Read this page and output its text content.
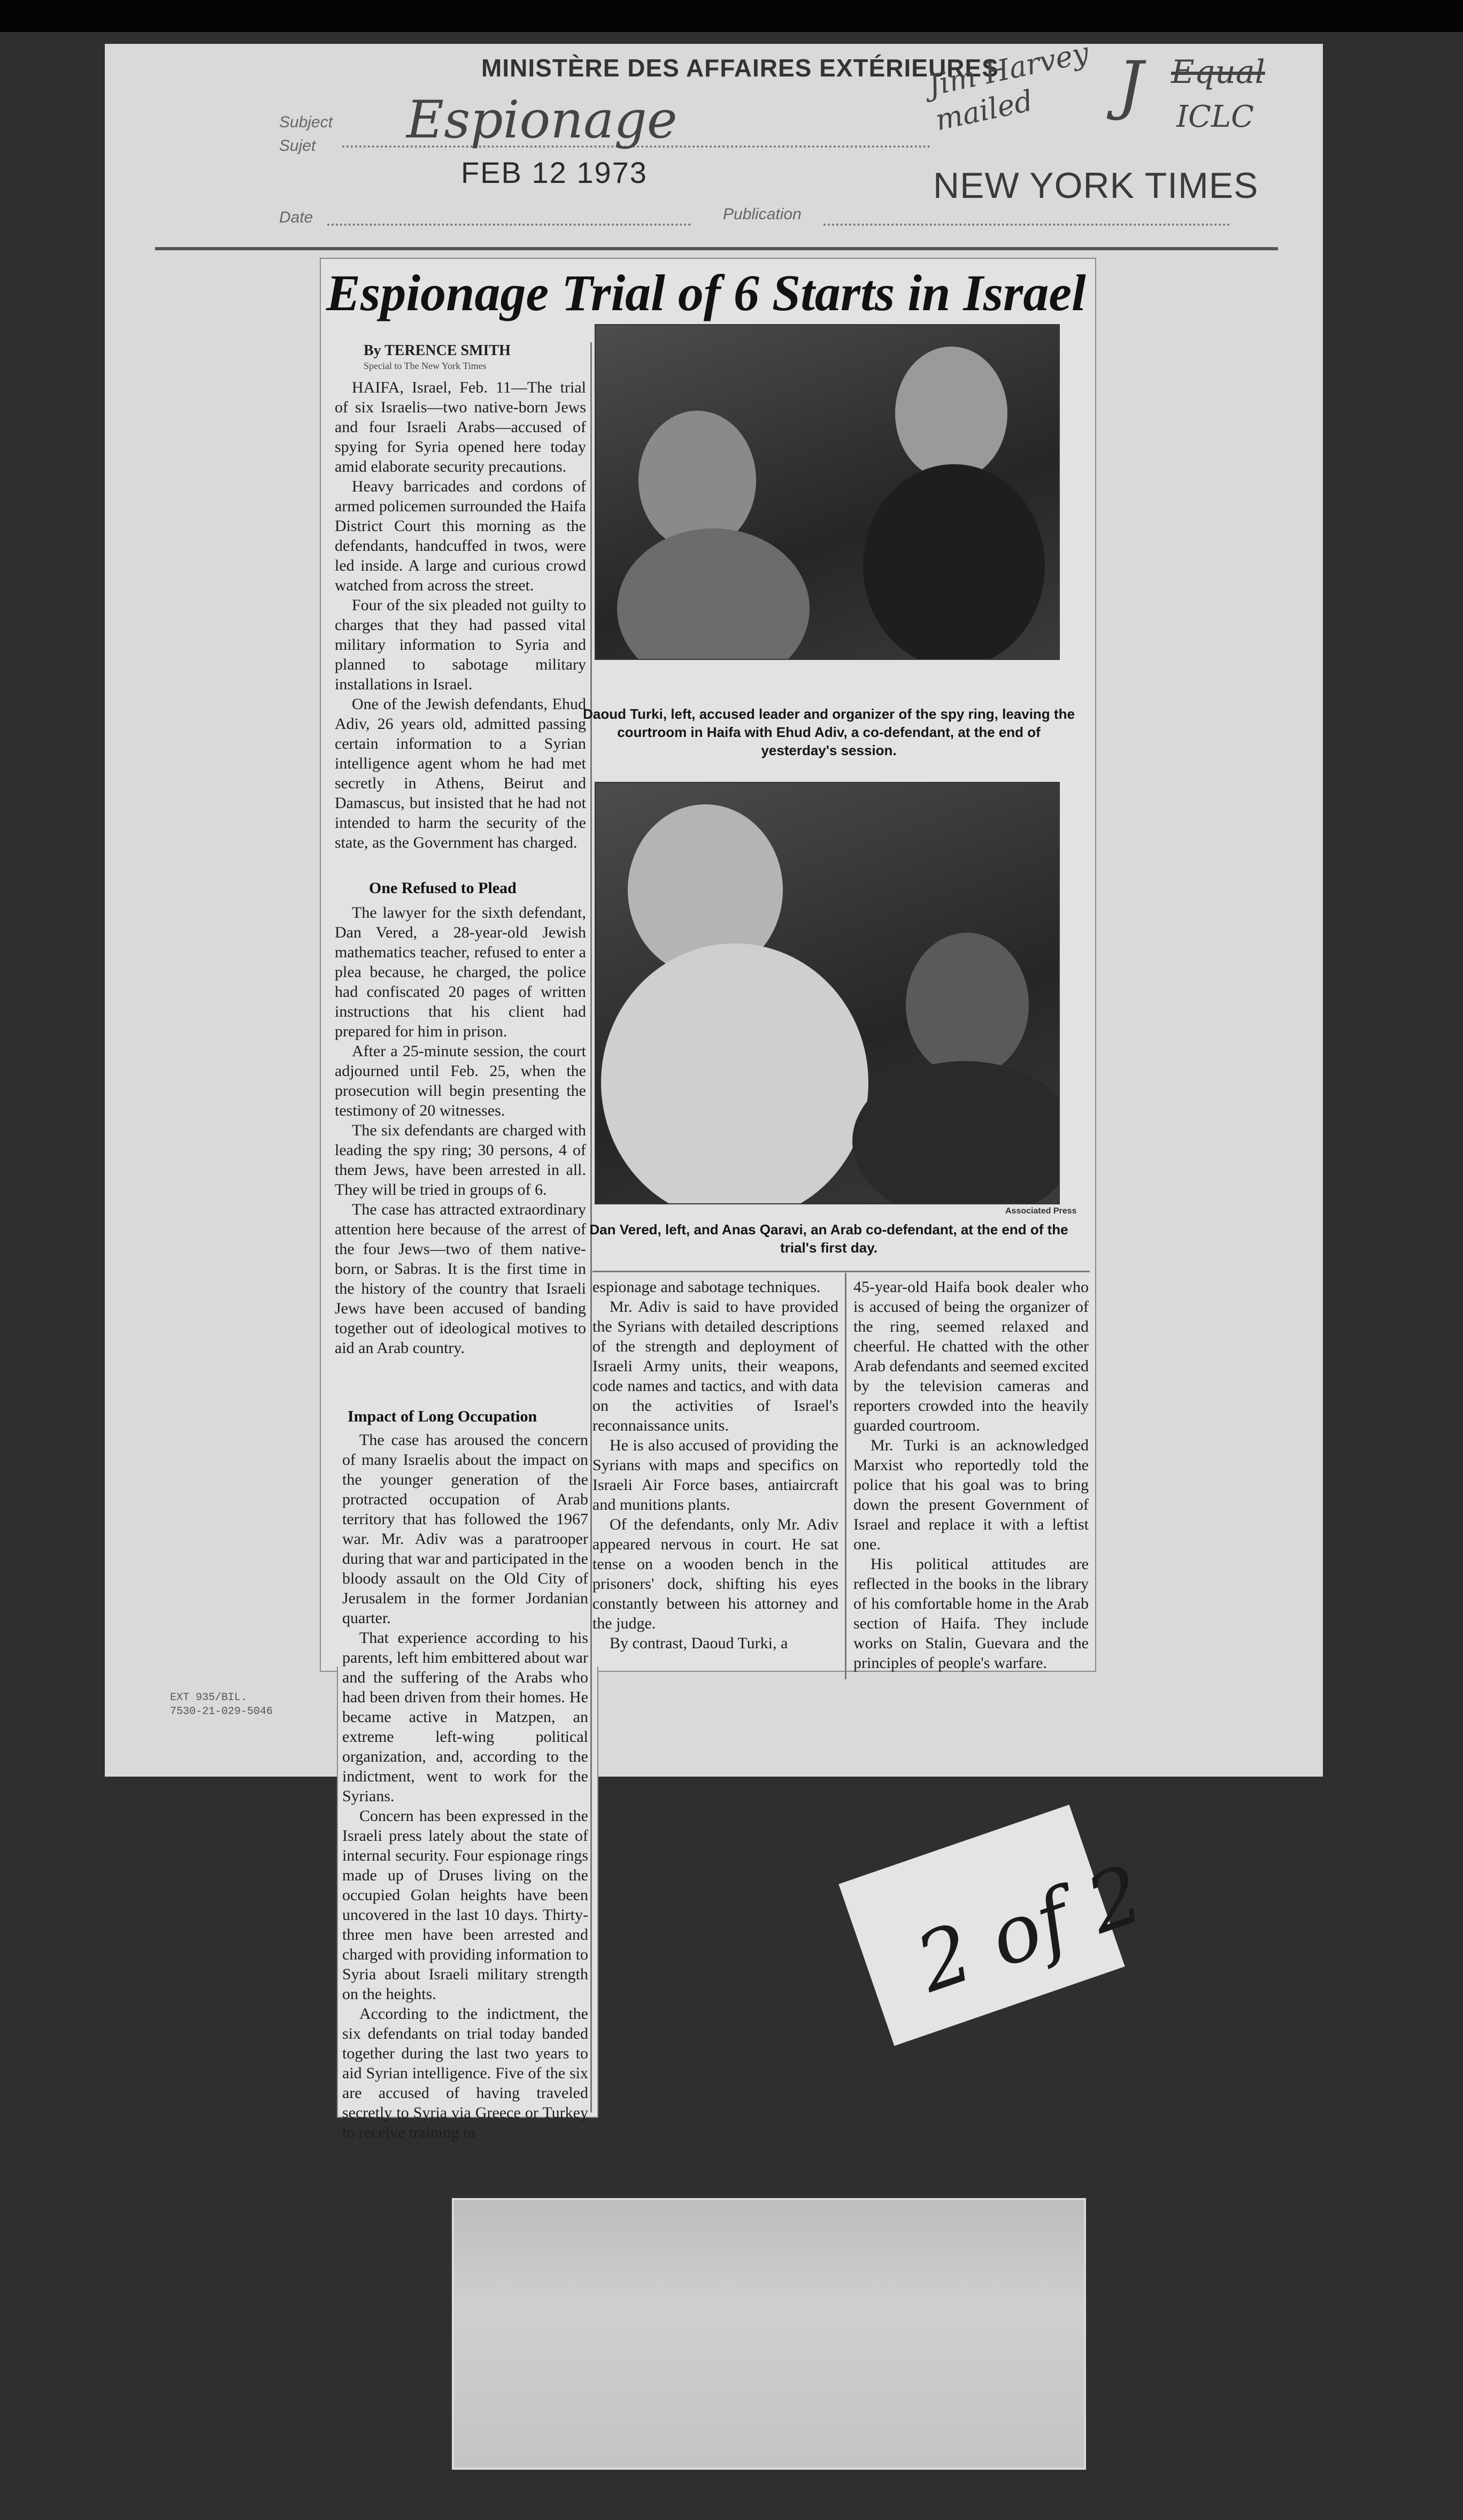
MINISTÈRE DES AFFAIRES EXTÉRIEURES
Subject
Sujet Espionage
FEB 12 1973
Date	Publication
NEW YORK TIMES
Jim Harvey
mailed	J Equal
ICLC
Espionage Trial of 6 Starts in Israel
By TERENCE SMITH
Special to The New York Times

HAIFA, Israel, Feb. 11—The trial of six Israelis—two native-born Jews and four Israeli Arabs—accused of spying for Syria opened here today amid elaborate security precautions.

Heavy barricades and cordons of armed policemen surrounded the Haifa District Court this morning as the defendants, handcuffed in twos, were led inside. A large and curious crowd watched from across the street.

Four of the six pleaded not guilty to charges that they had passed vital military information to Syria and planned to sabotage military installations in Israel.

One of the Jewish defendants, Ehud Adiv, 26 years old, admitted passing certain information to a Syrian intelligence agent whom he had met secretly in Athens, Beirut and Damascus, but insisted that he had not intended to harm the security of the state, as the Government has charged.

One Refused to Plead

The lawyer for the sixth defendant, Dan Vered, a 28-year-old Jewish mathematics teacher, refused to enter a plea because, he charged, the police had confiscated 20 pages of written instructions that his client had prepared for him in prison.

After a 25-minute session, the court adjourned until Feb. 25, when the prosecution will begin presenting the testimony of 20 witnesses.

The six defendants are charged with leading the spy ring; 30 persons, 4 of them Jews, have been arrested in all. They will be tried in groups of 6.

The case has attracted extraordinary attention here because of the arrest of the four Jews—two of them native-born, or Sabras. It is the first time in the history of the country that Israeli Jews have been accused of banding together out of ideological motives to aid an Arab country.

Impact of Long Occupation

The case has aroused the concern of many Israelis about the impact on the younger generation of the protracted occupation of Arab territory that has followed the 1967 war. Mr. Adiv was a paratrooper during that war and participated in the bloody assault on the Old City of Jerusalem in the former Jordanian quarter.

That experience according to his parents, left him embittered about war and the suffering of the Arabs who had been driven from their homes. He became active in Matzpen, an extreme left-wing political organization, and, according to the indictment, went to work for the Syrians.

Concern has been expressed in the Israeli press lately about the state of internal security. Four espionage rings made up of Druses living on the occupied Golan heights have been uncovered in the last 10 days. Thirty-three men have been arrested and charged with providing information to Syria about Israeli military strength on the heights.

According to the indictment, the six defendants on trial today banded together during the last two years to aid Syrian intelligence. Five of the six are accused of having traveled secretly to Syria via Greece or Turkey to receive training in

Daoud Turki, left, accused leader and organizer of the spy ring, leaving the courtroom in Haifa with Ehud Adiv, a co-defendant, at the end of yesterday's session.
Associated Press
Dan Vered, left, and Anas Qaravi, an Arab co-defendant, at the end of the trial's first day.

espionage and sabotage techniques.

Mr. Adiv is said to have provided the Syrians with detailed descriptions of the strength and deployment of Israeli Army units, their weapons, code names and tactics, and with data on the activities of Israel's reconnaissance units.

He is also accused of providing the Syrians with maps and specifics on Israeli Air Force bases, antiaircraft and munitions plants.

Of the defendants, only Mr. Adiv appeared nervous in court. He sat tense on a wooden bench in the prisoners' dock, shifting his eyes constantly between his attorney and the judge.

By contrast, Daoud Turki, a

45-year-old Haifa book dealer who is accused of being the organizer of the ring, seemed relaxed and cheerful. He chatted with the other Arab defendants and seemed excited by the television cameras and reporters crowded into the heavily guarded courtroom.

Mr. Turki is an acknowledged Marxist who reportedly told the police that his goal was to bring down the present Government of Israel and replace it with a leftist one.

His political attitudes are reflected in the books in the library of his comfortable home in the Arab section of Haifa. They include works on Stalin, Guevara and the principles of people's warfare.

EXT 935/BIL.
7530-21-029-5046
2 of 2
